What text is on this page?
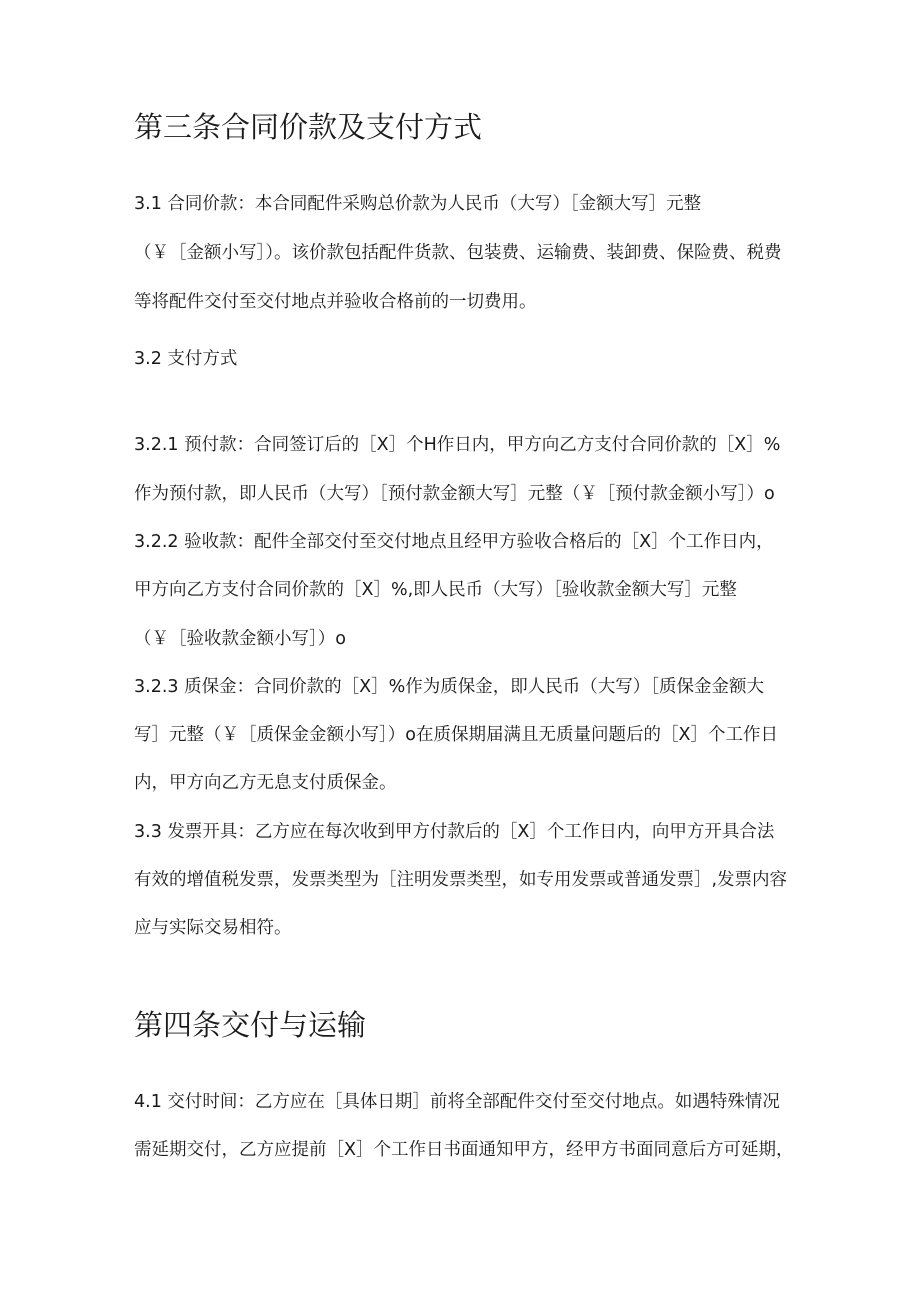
第三条合同价款及支付方式
3.1 合同价款：本合同配件采购总价款为人民币（大写）［金额大写］元整
（￥［金额小写］）。该价款包括配件货款、包装费、运输费、装卸费、保险费、税费
等将配件交付至交付地点并验收合格前的一切费用。
3.2 支付方式
3.2.1 预付款：合同签订后的［X］个H作日内，甲方向乙方支付合同价款的［X］%
作为预付款，即人民币（大写）［预付款金额大写］元整（￥［预付款金额小写］）o
3.2.2 验收款：配件全部交付至交付地点且经甲方验收合格后的［X］个工作日内，
甲方向乙方支付合同价款的［X］%,即人民币（大写）［验收款金额大写］元整
（￥［验收款金额小写］）o
3.2.3 质保金：合同价款的［X］%作为质保金，即人民币（大写）［质保金金额大
写］元整（￥［质保金金额小写］）o在质保期届满且无质量问题后的［X］个工作日
内，甲方向乙方无息支付质保金。
3.3 发票开具：乙方应在每次收到甲方付款后的［X］个工作日内，向甲方开具合法
有效的增值税发票，发票类型为［注明发票类型，如专用发票或普通发票］,发票内容
应与实际交易相符。
第四条交付与运输
4.1 交付时间：乙方应在［具体日期］前将全部配件交付至交付地点。如遇特殊情况
需延期交付，乙方应提前［X］个工作日书面通知甲方，经甲方书面同意后方可延期，
